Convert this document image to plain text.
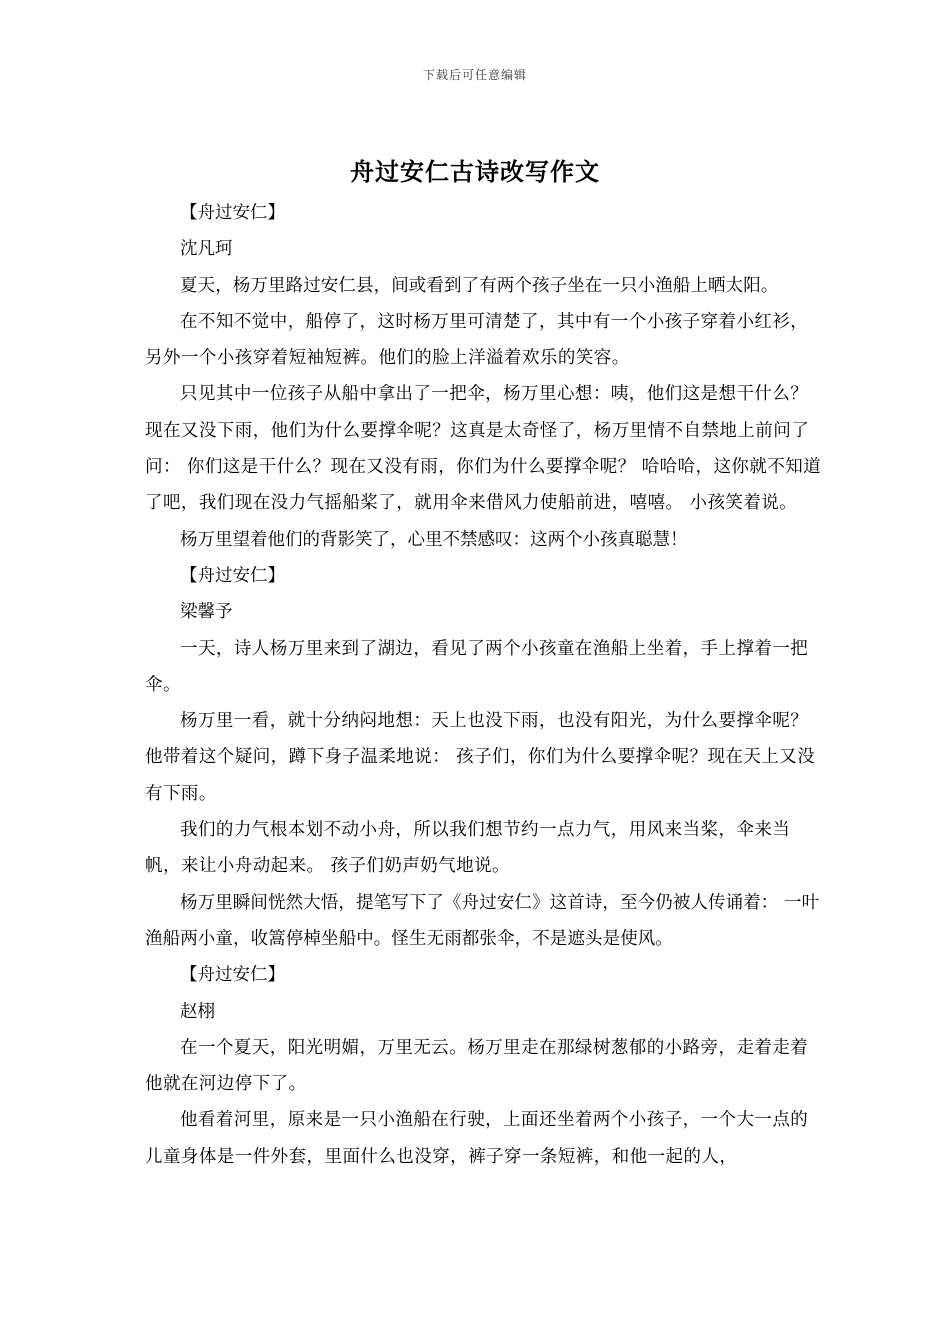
下载后可任意编辑
舟过安仁古诗改写作文

【舟过安仁】

沈凡珂

夏天，杨万里路过安仁县，间或看到了有两个孩子坐在一只小渔船上晒太阳。

在不知不觉中，船停了，这时杨万里可清楚了，其中有一个小孩子穿着小红衫，另外一个小孩穿着短袖短裤。他们的脸上洋溢着欢乐的笑容。

只见其中一位孩子从船中拿出了一把伞，杨万里心想：咦，他们这是想干什么？现在又没下雨，他们为什么要撑伞呢？这真是太奇怪了，杨万里情不自禁地上前问了问： 你们这是干什么？现在又没有雨，你们为什么要撑伞呢？ 哈哈哈，这你就不知道了吧，我们现在没力气摇船桨了，就用伞来借风力使船前进，嘻嘻。 小孩笑着说。

杨万里望着他们的背影笑了，心里不禁感叹：这两个小孩真聪慧！

【舟过安仁】

梁馨予

一天，诗人杨万里来到了湖边，看见了两个小孩童在渔船上坐着，手上撑着一把伞。

杨万里一看，就十分纳闷地想：天上也没下雨，也没有阳光，为什么要撑伞呢？他带着这个疑问，蹲下身子温柔地说： 孩子们，你们为什么要撑伞呢？现在天上又没有下雨。

我们的力气根本划不动小舟，所以我们想节约一点力气，用风来当桨，伞来当帆，来让小舟动起来。 孩子们奶声奶气地说。

杨万里瞬间恍然大悟，提笔写下了《舟过安仁》这首诗，至今仍被人传诵着： 一叶渔船两小童，收篙停棹坐船中。怪生无雨都张伞，不是遮头是使风。

【舟过安仁】

赵栩

在一个夏天，阳光明媚，万里无云。杨万里走在那绿树葱郁的小路旁，走着走着他就在河边停下了。

他看着河里，原来是一只小渔船在行驶，上面还坐着两个小孩子，一个大一点的儿童身体是一件外套，里面什么也没穿，裤子穿一条短裤，和他一起的人，
